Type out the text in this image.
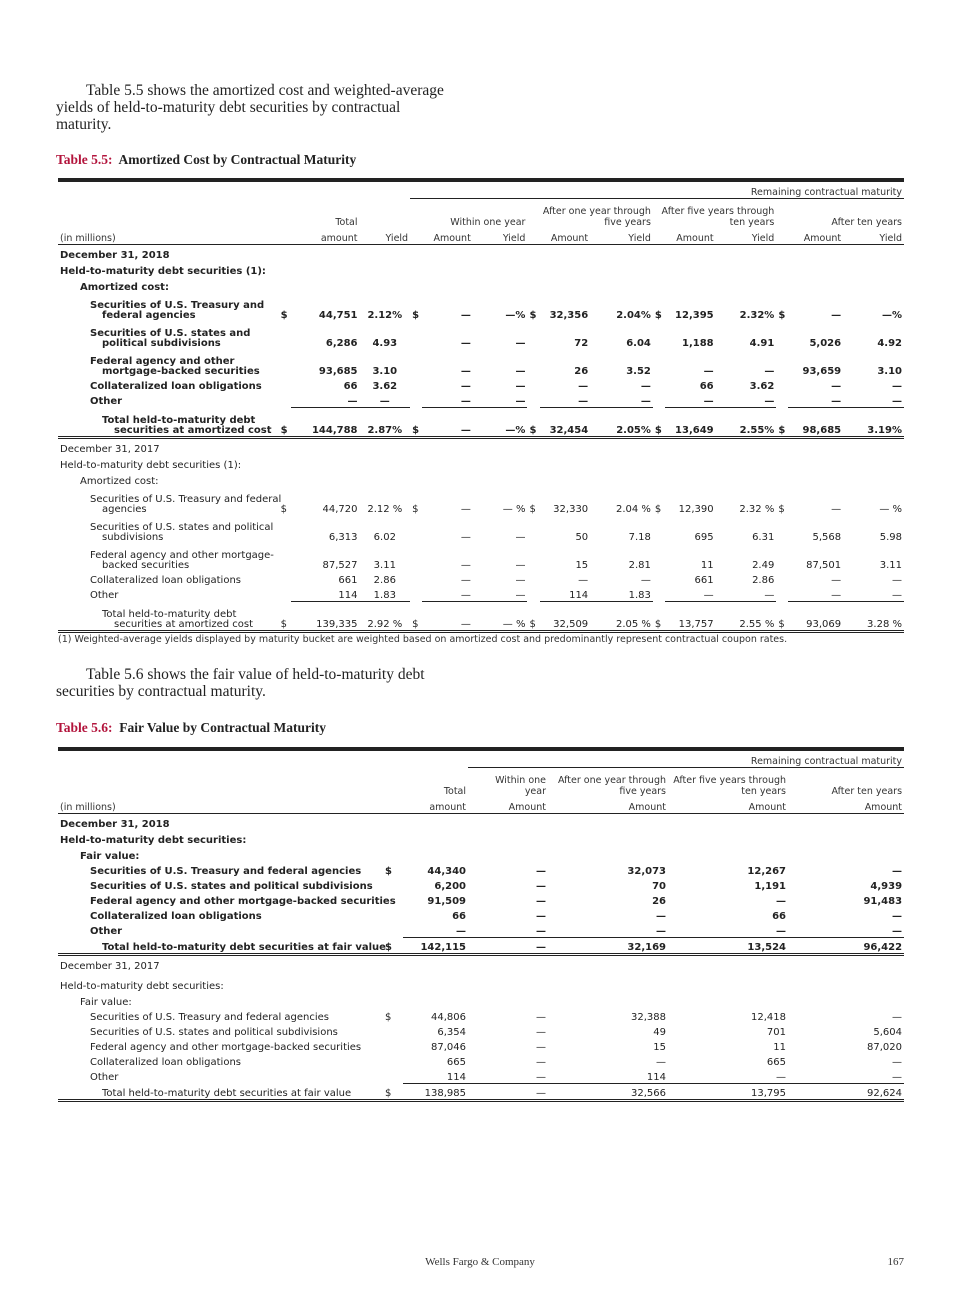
Table 5.5 shows the amortized cost and weighted-average yields of held-to-maturity debt securities by contractual maturity.
Table 5.5: Amortized Cost by Contractual Maturity
				Remaining contractual maturity											
Total				Within one year			After one year through five years			After five years through ten years			After ten years		
(in millions)		amount	Yield		Amount	Yield		Amount	Yield		Amount	Yield		Amount	Yield
December 31, 2018															
Held-to-maturity debt securities (1):															
Amortized cost:															
Securities of U.S. Treasury and
federal agencies	$	44,751	2.12%	$	—	—%	$	32,356	2.04%	$	12,395	2.32%	$	—	—%
Securities of U.S. states and
political subdivisions		6,286	4.93		—	—		72	6.04		1,188	4.91		5,026	4.92
Federal agency and other
mortgage-backed securities		93,685	3.10		—	—		26	3.52		—	—		93,659	3.10
Collateralized loan obligations		66	3.62		—	—		—	—		66	3.62		—	—
Other		—	—		—	—		—	—		—	—		—	—
Total held-to-maturity debt
securities at amortized cost	$	144,788	2.87%	$	—	—%	$	32,454	2.05%	$	13,649	2.55%	$	98,685	3.19%
December 31, 2017															
Held-to-maturity debt securities (1):															
Amortized cost:															
Securities of U.S. Treasury and federal
agencies	$	44,720	2.12 %	$	—	— %	$	32,330	2.04 %	$	12,390	2.32 %	$	—	— %
Securities of U.S. states and political
subdivisions		6,313	6.02		—	—		50	7.18		695	6.31		5,568	5.98
Federal agency and other mortgage-
backed securities		87,527	3.11		—	—		15	2.81		11	2.49		87,501	3.11
Collateralized loan obligations		661	2.86		—	—		—	—		661	2.86		—	—
Other		114	1.83		—	—		114	1.83		—	—		—	—
Total held-to-maturity debt
securities at amortized cost	$	139,335	2.92 %	$	—	— %	$	32,509	2.05 %	$	13,757	2.55 %	$	93,069	3.28 %
(1) Weighted-average yields displayed by maturity bucket are weighted based on amortized cost and predominantly represent contractual coupon rates.
Table 5.6 shows the fair value of held-to-maturity debt securities by contractual maturity.
Table 5.6: Fair Value by Contractual Maturity
			Remaining contractual maturity			
Total			Within one year	After one year through five years	After five years through ten years	After ten years
(in millions)		amount	Amount	Amount	Amount	Amount
December 31, 2018						
Held-to-maturity debt securities:						
Fair value:						
Securities of U.S. Treasury and federal agencies	$	44,340	—	32,073	12,267	—
Securities of U.S. states and political subdivisions		6,200	—	70	1,191	4,939
Federal agency and other mortgage-backed securities		91,509	—	26	—	91,483
Collateralized loan obligations		66	—	—	66	—
Other		—	—	—	—	—
Total held-to-maturity debt securities at fair value	$	142,115	—	32,169	13,524	96,422
December 31, 2017						
Held-to-maturity debt securities:						
Fair value:						
Securities of U.S. Treasury and federal agencies	$	44,806	—	32,388	12,418	—
Securities of U.S. states and political subdivisions		6,354	—	49	701	5,604
Federal agency and other mortgage-backed securities		87,046	—	15	11	87,020
Collateralized loan obligations		665	—	—	665	—
Other		114	—	114	—	—
Total held-to-maturity debt securities at fair value	$	138,985	—	32,566	13,795	92,624
Wells Fargo & Company	167
